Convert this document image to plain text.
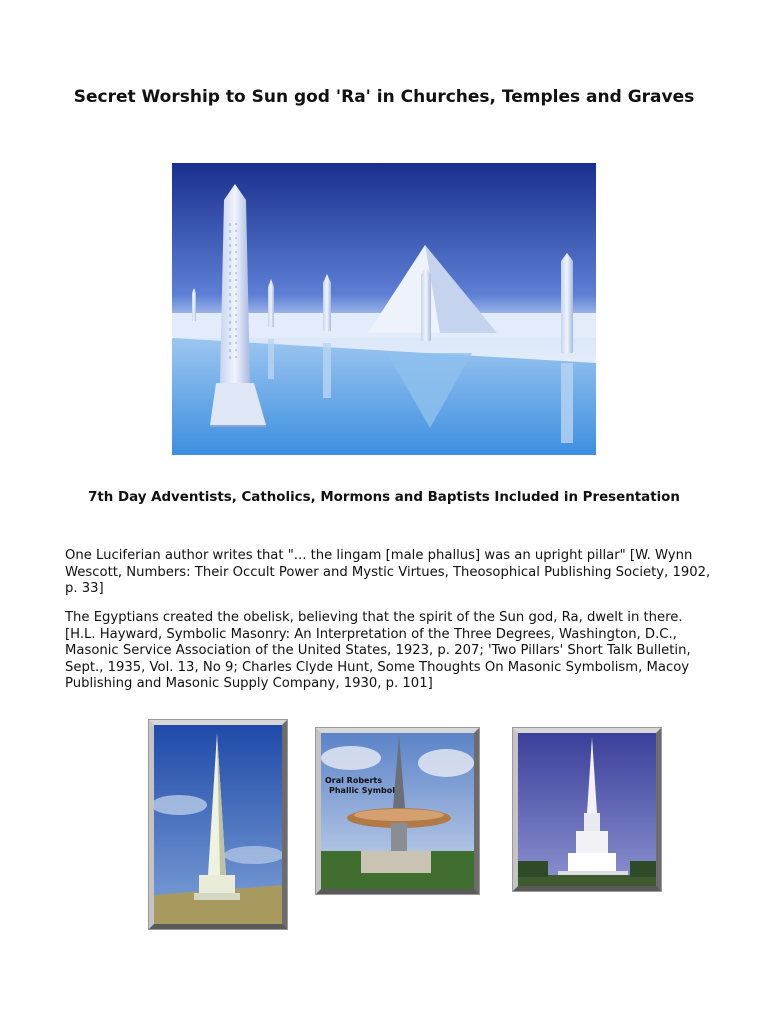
Secret Worship to Sun god 'Ra' in Churches, Temples and Graves
7th Day Adventists, Catholics, Mormons and Baptists Included in Presentation

One Luciferian author writes that "... the lingam [male phallus] was an upright pillar" [W. Wynn Wescott, Numbers: Their Occult Power and Mystic Virtues, Theosophical Publishing Society, 1902, p. 33]

The Egyptians created the obelisk, believing that the spirit of the Sun god, Ra, dwelt in there. [H.L. Hayward, Symbolic Masonry: An Interpretation of the Three Degrees, Washington, D.C., Masonic Service Association of the United States, 1923, p. 207; 'Two Pillars' Short Talk Bulletin, Sept., 1935, Vol. 13, No 9; Charles Clyde Hunt, Some Thoughts On Masonic Symbolism, Macoy Publishing and Masonic Supply Company, 1930, p. 101]

Oral Roberts
Phallic Symbol
